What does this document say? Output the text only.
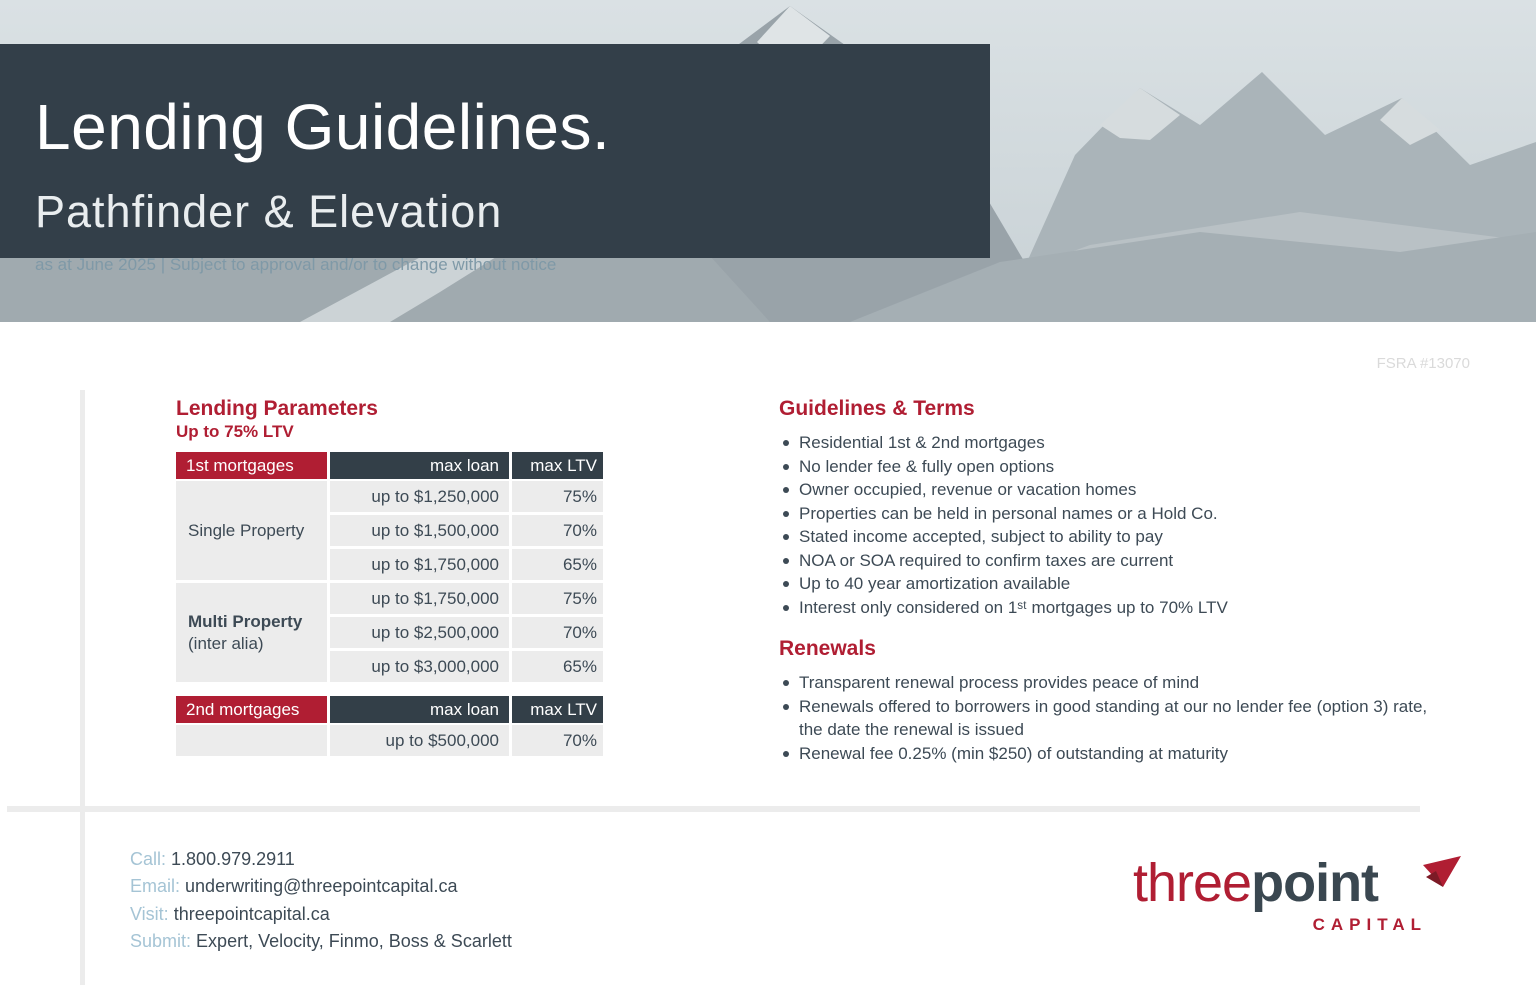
Lending Guidelines.
Pathfinder & Elevation
as at June 2025 | Subject to approval and/or to change without notice
FSRA #13070
Lending Parameters
Up to 75% LTV
1st mortgages	max loan	max LTV
Single Property
up to $1,250,000	75%
up to $1,500,000	70%
up to $1,750,000	65%
Multi Property
(inter alia)
up to $1,750,000	75%
up to $2,500,000	70%
up to $3,000,000	65%
2nd mortgages	max loan	max LTV
up to $500,000	70%
Guidelines & Terms
Residential 1st & 2nd mortgages
No lender fee & fully open options
Owner occupied, revenue or vacation homes
Properties can be held in personal names or a Hold Co.
Stated income accepted, subject to ability to pay
NOA or SOA required to confirm taxes are current
Up to 40 year amortization available
Interest only considered on 1ˢᵗ mortgages up to 70% LTV
Renewals
Transparent renewal process provides peace of mind
Renewals offered to borrowers in good standing at our no lender fee (option 3) rate, the date the renewal is issued
Renewal fee 0.25% (min $250) of outstanding at maturity
Call: 1.800.979.2911
Email: underwriting@threepointcapital.ca
Visit: threepointcapital.ca
Submit: Expert, Velocity, Finmo, Boss & Scarlett
threepoint
CAPITAL
